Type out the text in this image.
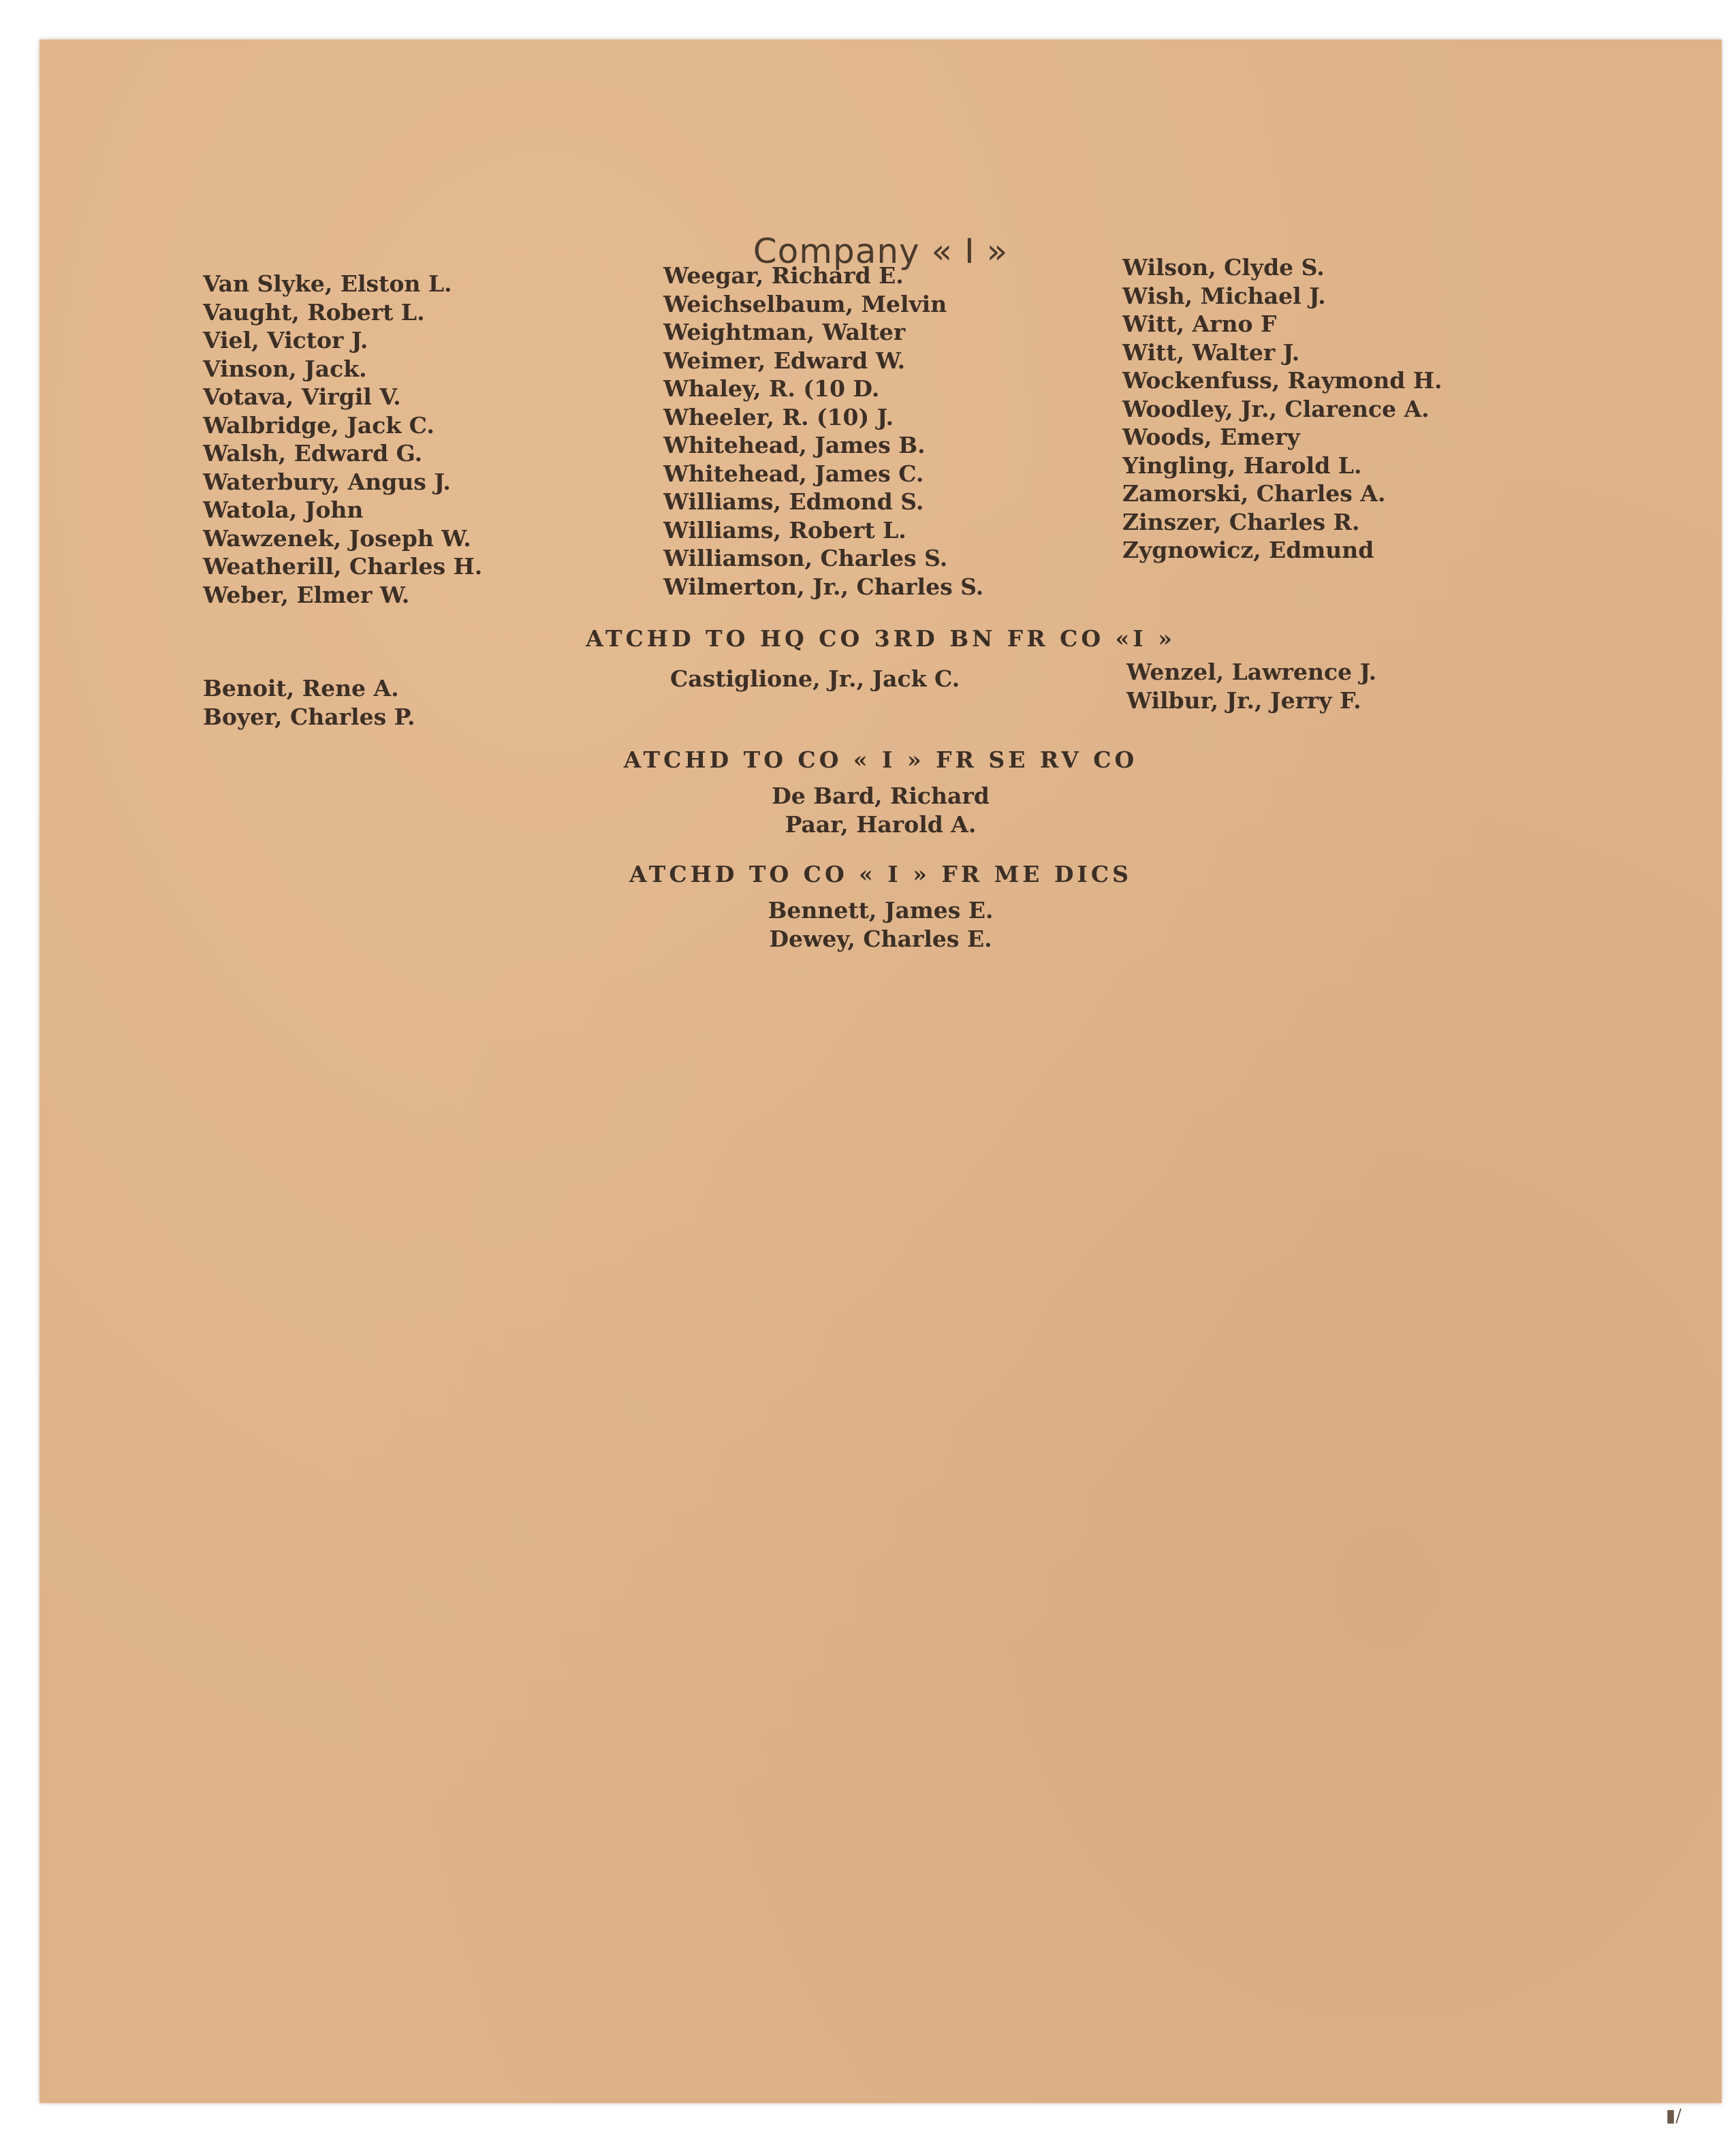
Company « I »
Van Slyke, Elston L.
Vaught, Robert L.
Viel, Victor J.
Vinson, Jack.
Votava, Virgil V.
Walbridge, Jack C.
Walsh, Edward G.
Waterbury, Angus J.
Watola, John
Wawzenek, Joseph W.
Weatherill, Charles H.
Weber, Elmer W.
Weegar, Richard E.
Weichselbaum, Melvin
Weightman, Walter
Weimer, Edward W.
Whaley, R. (10 D.
Wheeler, R. (10) J.
Whitehead, James B.
Whitehead, James C.
Williams, Edmond S.
Williams, Robert L.
Williamson, Charles S.
Wilmerton, Jr., Charles S.
Wilson, Clyde S.
Wish, Michael J.
Witt, Arno F
Witt, Walter J.
Wockenfuss, Raymond H.
Woodley, Jr., Clarence A.
Woods, Emery
Yingling, Harold L.
Zamorski, Charles A.
Zinszer, Charles R.
Zygnowicz, Edmund
ATCHD TO HQ CO 3RD BN FR CO «I »
Benoit, Rene A.
Boyer, Charles P.
Castiglione, Jr., Jack C.	Wenzel, Lawrence J.
Wilbur, Jr., Jerry F.
ATCHD TO CO « I » FR SE RV CO
De Bard, Richard
Paar, Harold A.
ATCHD TO CO « I » FR ME DICS
Bennett, James E.
Dewey, Charles E.
▮/
